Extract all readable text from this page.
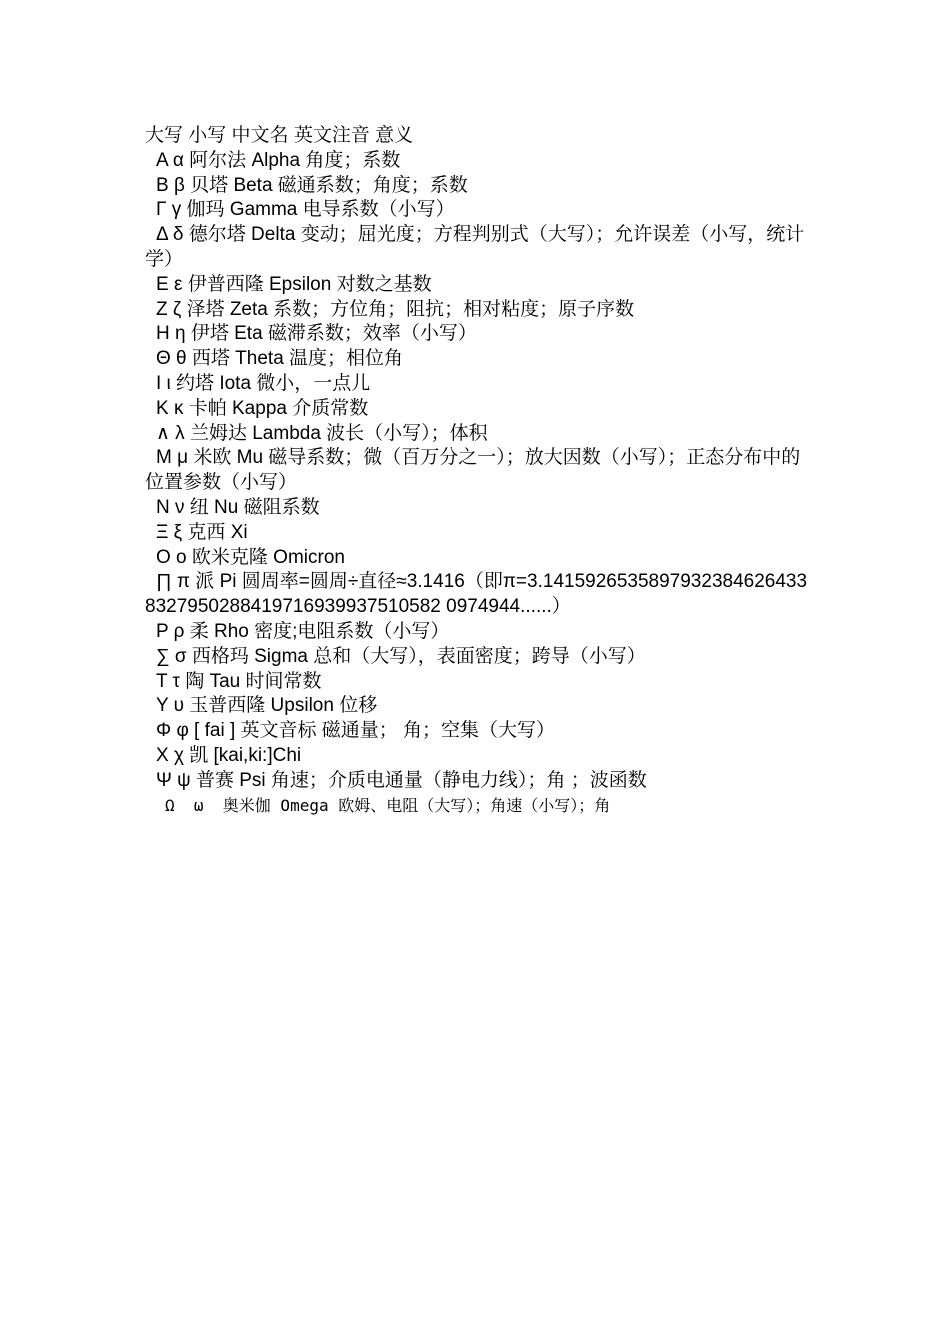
大写 小写 中文名 英文注音 意义

A α 阿尔法 Alpha 角度；系数

B β 贝塔 Beta 磁通系数；角度；系数

Γ γ 伽玛 Gamma 电导系数（小写）

Δ δ 德尔塔 Delta 变动；屈光度；方程判别式（大写）；允许误差（小写，统计学）

E ε 伊普西隆 Epsilon 对数之基数

Z ζ 泽塔 Zeta 系数；方位角；阻抗；相对粘度；原子序数

H η 伊塔 Eta 磁滞系数；效率（小写）

Θ θ 西塔 Theta 温度；相位角

I ι 约塔 Iota 微小，一点儿

K κ 卡帕 Kappa 介质常数

∧ λ 兰姆达 Lambda 波长（小写）；体积

M μ 米欧 Mu 磁导系数；微（百万分之一）；放大因数（小写）；正态分布中的位置参数（小写）

N ν 纽 Nu 磁阻系数

Ξ ξ 克西 Xi

O ο 欧米克隆 Omicron

∏ π 派 Pi 圆周率=圆周÷直径≈3.1416（即π=3.14159265358979323846264338327950288419716939937510582 0974944......）

P ρ 柔 Rho 密度;电阻系数（小写）

∑ σ 西格玛 Sigma 总和（大写），表面密度；跨导（小写）

T τ 陶 Tau 时间常数

Y υ 玉普西隆 Upsilon 位移

Φ φ [ fai ] 英文音标 磁通量； 角；空集（大写）

X χ 凯 [kai,ki:]Chi

Ψ ψ 普赛 Psi 角速；介质电通量（静电力线）；角 ；波函数

Ω  ω  奥米伽 Omega 欧姆、电阻（大写）；角速（小写）；角
